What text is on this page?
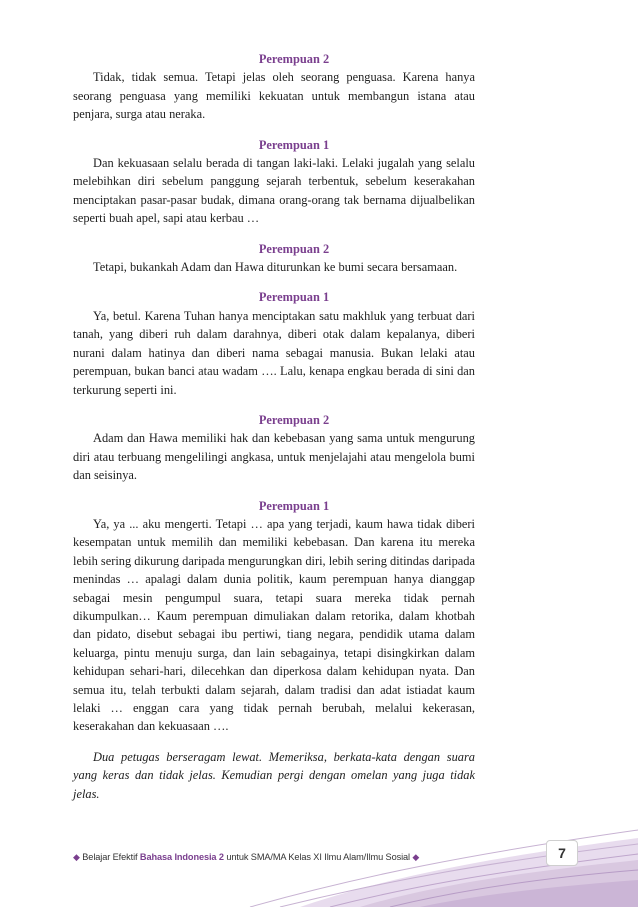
Perempuan 2

Tidak, tidak semua. Tetapi jelas oleh seorang penguasa. Karena hanya seorang penguasa yang memiliki kekuatan untuk membangun istana atau penjara, surga atau neraka.

Perempuan 1

Dan kekuasaan selalu berada di tangan laki-laki. Lelaki jugalah yang selalu melebihkan diri sebelum panggung sejarah terbentuk, sebelum keserakahan menciptakan pasar-pasar budak, dimana orang-orang tak bernama dijualbelikan seperti buah apel, sapi atau kerbau …

Perempuan 2

Tetapi, bukankah Adam dan Hawa diturunkan ke bumi secara bersamaan.

Perempuan 1

Ya, betul. Karena Tuhan hanya menciptakan satu makhluk yang terbuat dari tanah, yang diberi ruh dalam darahnya, diberi otak dalam kepalanya, diberi nurani dalam hatinya dan diberi nama sebagai manusia. Bukan lelaki atau perempuan, bukan banci atau wadam …. Lalu, kenapa engkau berada di sini dan terkurung seperti ini.

Perempuan 2

Adam dan Hawa memiliki hak dan kebebasan yang sama untuk mengurung diri atau terbuang mengelilingi angkasa, untuk menjelajahi atau mengelola bumi dan seisinya.

Perempuan 1

Ya, ya ... aku mengerti. Tetapi … apa yang terjadi, kaum hawa tidak diberi kesempatan untuk memilih dan memiliki kebebasan. Dan karena itu mereka lebih sering dikurung daripada mengurungkan diri, lebih sering ditindas daripada menindas … apalagi dalam dunia politik, kaum perempuan hanya dianggap sebagai mesin pengumpul suara, tetapi suara mereka tidak pernah dikumpulkan… Kaum perempuan dimuliakan dalam retorika, dalam khotbah dan pidato, disebut sebagai ibu pertiwi, tiang negara, pendidik utama dalam keluarga, pintu menuju surga, dan lain sebagainya, tetapi disingkirkan dalam kehidupan sehari-hari, dilecehkan dan diperkosa dalam kehidupan nyata. Dan semua itu, telah terbukti dalam sejarah, dalam tradisi dan adat istiadat kaum lelaki … enggan cara yang tidak pernah berubah, melalui kekerasan, keserakahan dan kekuasaan ….

Dua petugas berseragam lewat. Memeriksa, berkata-kata dengan suara yang keras dan tidak jelas. Kemudian pergi dengan omelan yang juga tidak jelas.

◆ Belajar Efektif Bahasa Indonesia 2 untuk SMA/MA Kelas XI Ilmu Alam/Ilmu Sosial ◆	7
